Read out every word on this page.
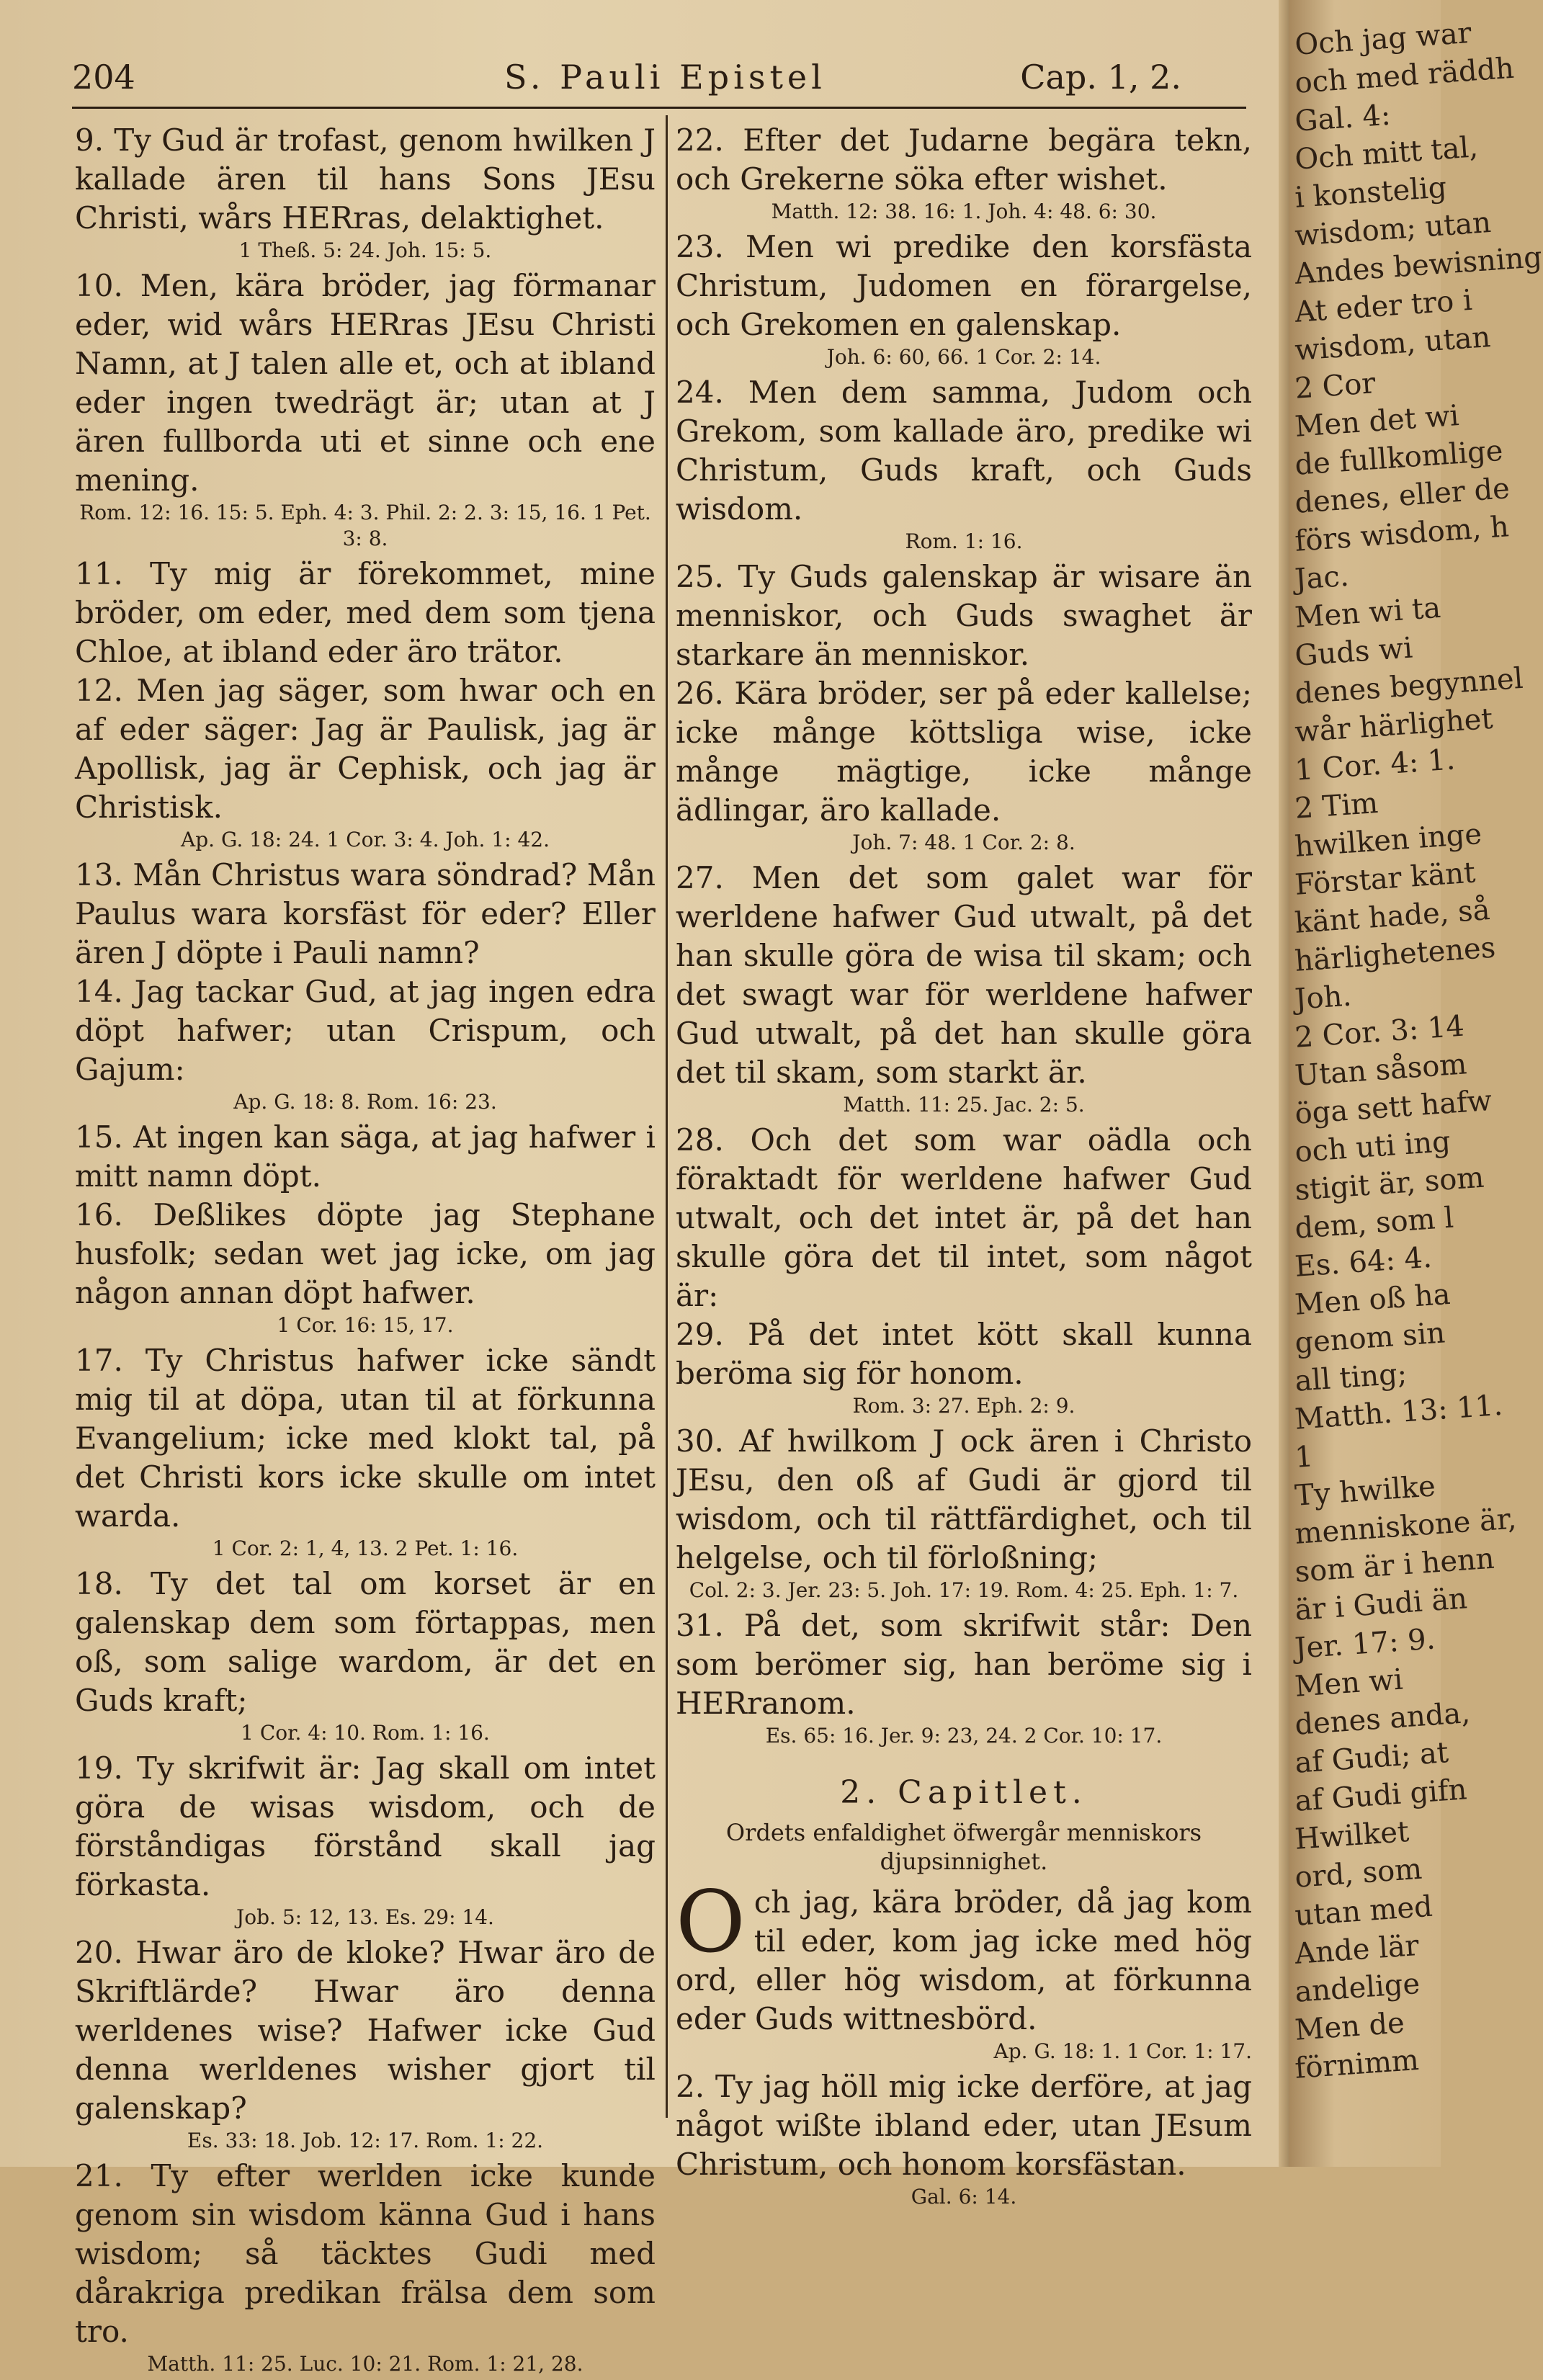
204	S. Pauli Epistel	Cap. 1, 2.

9. Ty Gud är trofast, genom hwilken J kallade ären til hans Sons JEsu Christi, wårs HERras, delaktighet.

1 Theß. 5: 24. Joh. 15: 5.

10. Men, kära bröder, jag förmanar eder, wid wårs HERras JEsu Christi Namn, at J talen alle et, och at ibland eder ingen twedrägt är; utan at J ären fullborda uti et sinne och ene mening.

Rom. 12: 16. 15: 5. Eph. 4: 3. Phil. 2: 2. 3: 15, 16. 1 Pet. 3: 8.

11. Ty mig är förekommet, mine bröder, om eder, med dem som tjena Chloe, at ibland eder äro trätor.

12. Men jag säger, som hwar och en af eder säger: Jag är Paulisk, jag är Apollisk, jag är Cephisk, och jag är Christisk.

Ap. G. 18: 24. 1 Cor. 3: 4. Joh. 1: 42.

13. Mån Christus wara söndrad? Mån Paulus wara korsfäst för eder? Eller ären J döpte i Pauli namn?

14. Jag tackar Gud, at jag ingen edra döpt hafwer; utan Crispum, och Gajum:

Ap. G. 18: 8. Rom. 16: 23.

15. At ingen kan säga, at jag hafwer i mitt namn döpt.

16. Deßlikes döpte jag Stephane husfolk; sedan wet jag icke, om jag någon annan döpt hafwer.

1 Cor. 16: 15, 17.

17. Ty Christus hafwer icke sändt mig til at döpa, utan til at förkunna Evangelium; icke med klokt tal, på det Christi kors icke skulle om intet warda.

1 Cor. 2: 1, 4, 13. 2 Pet. 1: 16.

18. Ty det tal om korset är en galenskap dem som förtappas, men oß, som salige wardom, är det en Guds kraft;

1 Cor. 4: 10. Rom. 1: 16.

19. Ty skrifwit är: Jag skall om intet göra de wisas wisdom, och de förståndigas förstånd skall jag förkasta.

Job. 5: 12, 13. Es. 29: 14.

20. Hwar äro de kloke? Hwar äro de Skriftlärde? Hwar äro denna werldenes wise? Hafwer icke Gud denna werldenes wisher gjort til galenskap?

Es. 33: 18. Job. 12: 17. Rom. 1: 22.

21. Ty efter werlden icke kunde genom sin wisdom känna Gud i hans wisdom; så täcktes Gudi med dårakriga predikan frälsa dem som tro.

Matth. 11: 25. Luc. 10: 21. Rom. 1: 21, 28.

22. Efter det Judarne begära tekn, och Grekerne söka efter wishet.

Matth. 12: 38. 16: 1. Joh. 4: 48. 6: 30.

23. Men wi predike den korsfästa Christum, Judomen en förargelse, och Grekomen en galenskap.

Joh. 6: 60, 66. 1 Cor. 2: 14.

24. Men dem samma, Judom och Grekom, som kallade äro, predike wi Christum, Guds kraft, och Guds wisdom.

Rom. 1: 16.

25. Ty Guds galenskap är wisare än menniskor, och Guds swaghet är starkare än menniskor.

26. Kära bröder, ser på eder kallelse; icke månge köttsliga wise, icke månge mägtige, icke månge ädlingar, äro kallade.

Joh. 7: 48. 1 Cor. 2: 8.

27. Men det som galet war för werldene hafwer Gud utwalt, på det han skulle göra de wisa til skam; och det swagt war för werldene hafwer Gud utwalt, på det han skulle göra det til skam, som starkt är.

Matth. 11: 25. Jac. 2: 5.

28. Och det som war oädla och föraktadt för werldene hafwer Gud utwalt, och det intet är, på det han skulle göra det til intet, som något är:

29. På det intet kött skall kunna beröma sig för honom.

Rom. 3: 27. Eph. 2: 9.

30. Af hwilkom J ock ären i Christo JEsu, den oß af Gudi är gjord til wisdom, och til rättfärdighet, och til helgelse, och til förloßning;

Col. 2: 3. Jer. 23: 5. Joh. 17: 19. Rom. 4: 25. Eph. 1: 7.

31. På det, som skrifwit står: Den som berömer sig, han beröme sig i HERranom.

Es. 65: 16. Jer. 9: 23, 24. 2 Cor. 10: 17.
2. Capitlet.
Ordets enfaldighet öfwergår menniskors djupsinnighet.

Och jag, kära bröder, då jag kom til eder, kom jag icke med hög ord, eller hög wisdom, at förkunna eder Guds wittnesbörd.

Ap. G. 18: 1. 1 Cor. 1: 17.

2. Ty jag höll mig icke derföre, at jag något wißte ibland eder, utan JEsum Christum, och honom korsfästan.

Gal. 6: 14.
Och jag war
och med räddh
Gal. 4:
Och mitt tal,
i konstelig
wisdom; utan
Andes bewisning
At eder tro i
wisdom, utan
2 Cor
Men det wi
de fullkomlige
denes, eller de
förs wisdom, h
Jac.
Men wi ta
Guds wi
denes begynnel
wår härlighet
1 Cor. 4: 1.
2 Tim
hwilken inge
Förstar känt
känt hade, så
härlighetenes
Joh.
2 Cor. 3: 14
Utan såsom
öga sett hafw
och uti ing
stigit är, som
dem, som l
Es. 64: 4.
Men oß ha
genom sin
all ting;
Matth. 13: 11.
1
Ty hwilke
menniskone är,
som är i henn
är i Gudi än
Jer. 17: 9.
Men wi
denes anda,
af Gudi; at
af Gudi gifn
Hwilket
ord, som
utan med
Ande lär
andelige
Men de
förnimm
